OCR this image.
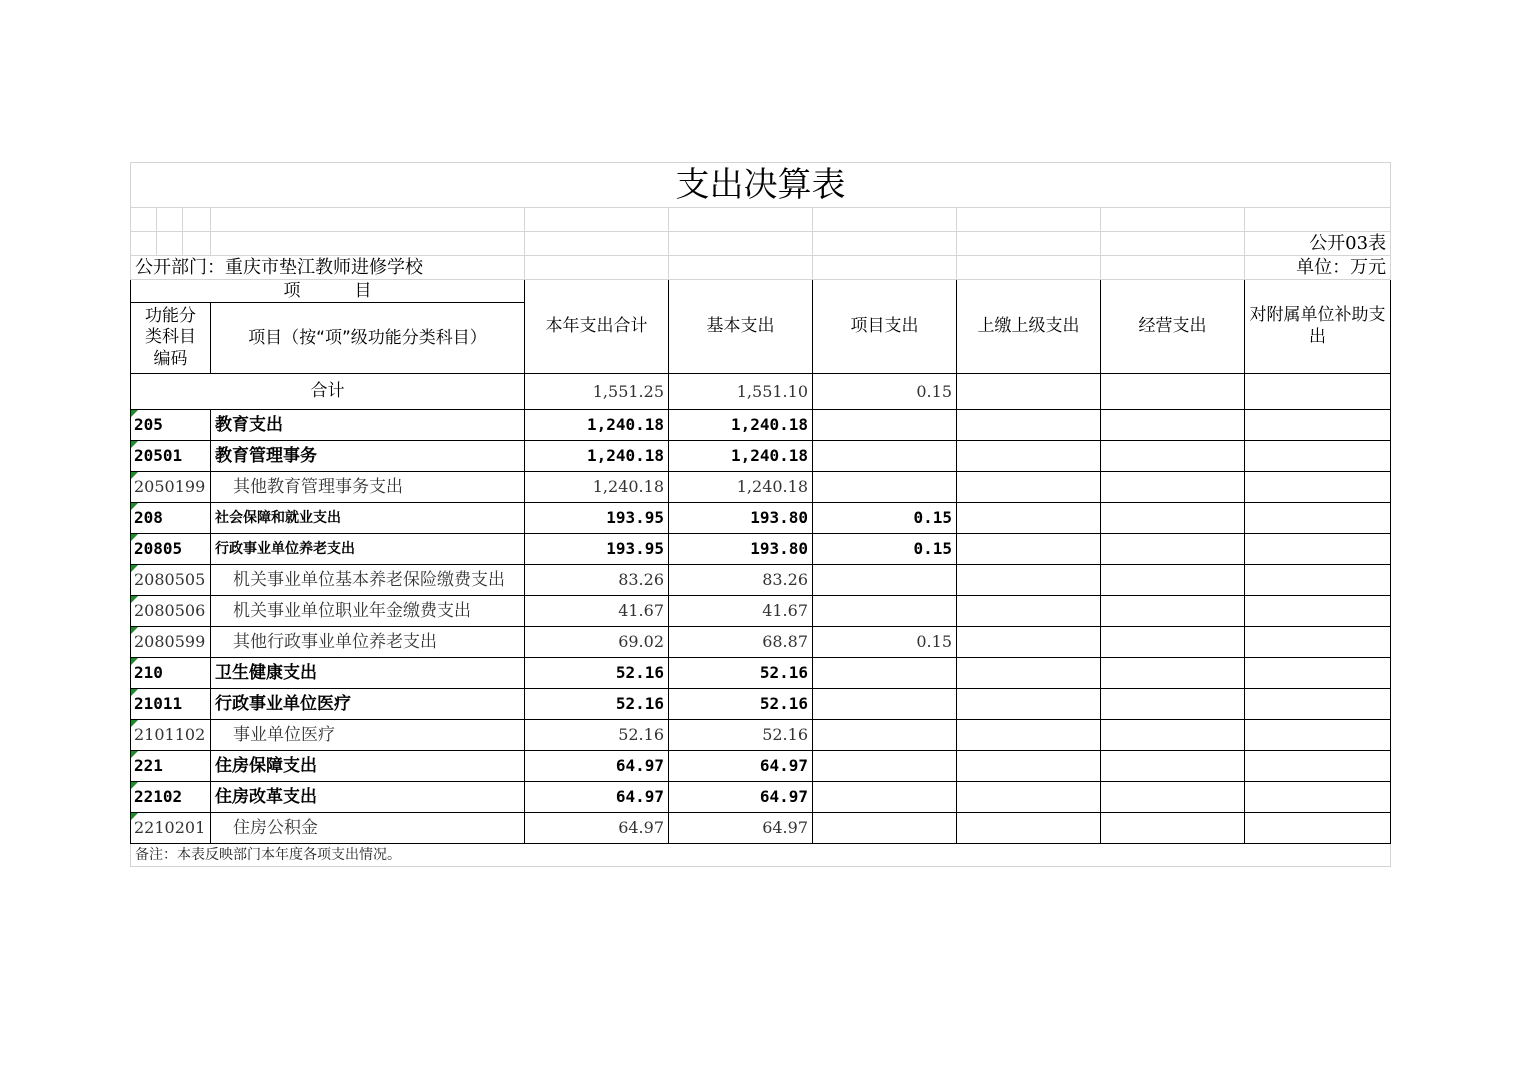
支出决算表									

									公开03表
公开部门：重庆市垫江教师进修学校									单位：万元
项          目				本年支出合计	基本支出	项目支出	上缴上级支出	经营支出	对附属单位补助支出
功能分类科目编码			项目（按“项”级功能分类科目）						
合计				1,551.25	1,551.10	0.15			

205			教育支出	1,240.18	1,240.18				

20501			教育管理事务	1,240.18	1,240.18				

2050199			其他教育管理事务支出	1,240.18	1,240.18				

208			社会保障和就业支出	193.95	193.80	0.15			

20805			行政事业单位养老支出	193.95	193.80	0.15			

2080505			机关事业单位基本养老保险缴费支出	83.26	83.26				

2080506			机关事业单位职业年金缴费支出	41.67	41.67				

2080599			其他行政事业单位养老支出	69.02	68.87	0.15			

210			卫生健康支出	52.16	52.16				

21011			行政事业单位医疗	52.16	52.16				

2101102			事业单位医疗	52.16	52.16				

221			住房保障支出	64.97	64.97				

22102			住房改革支出	64.97	64.97				

2210201			住房公积金	64.97	64.97				
备注：本表反映部门本年度各项支出情况。									
